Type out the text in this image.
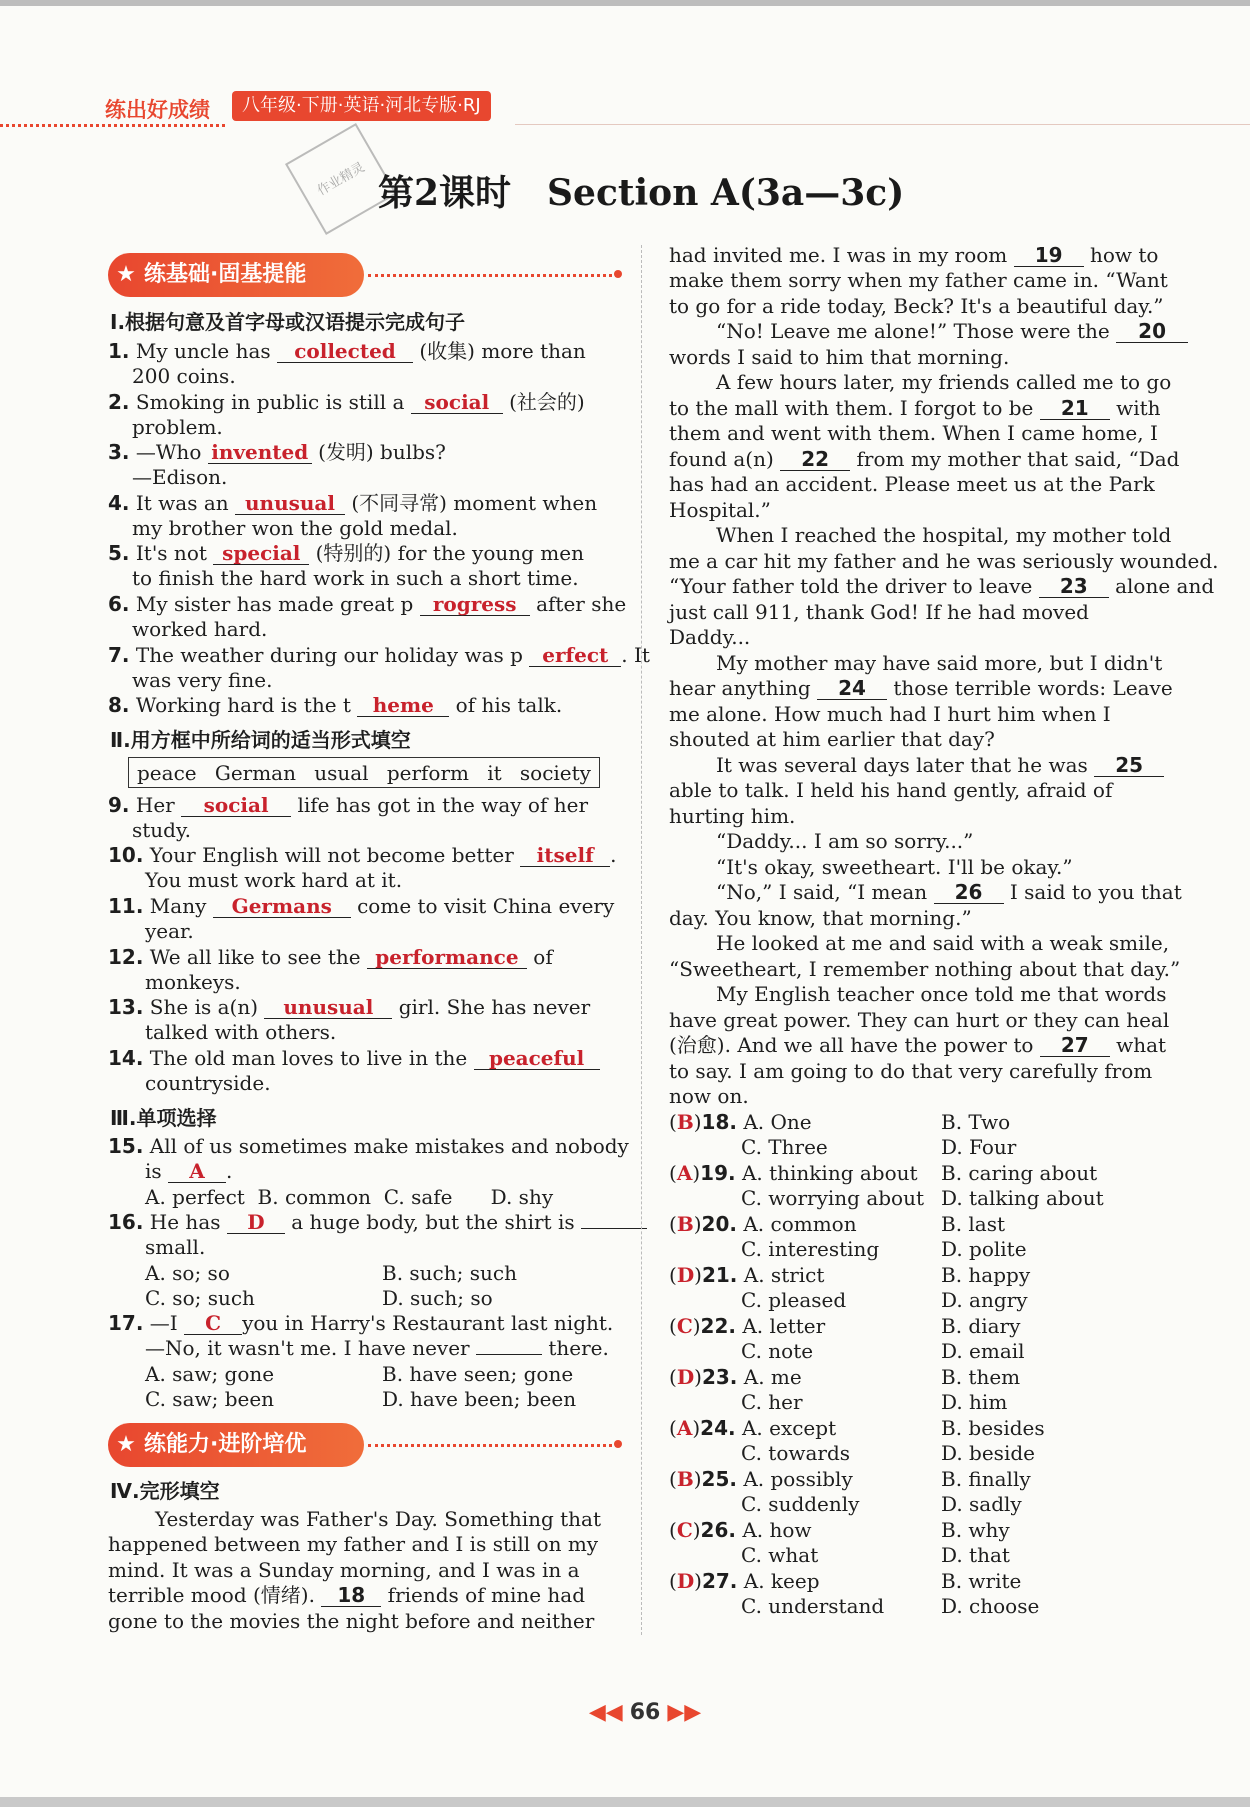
练出好成绩	八年级·下册·英语·河北专版·RJ
作业精灵 第2课时　Section A(3a—3c)
★ 练基础·固基提能
Ⅰ.根据句意及首字母或汉语提示完成句子
1. My uncle has collected (收集) more than
200 coins.
2. Smoking in public is still a social (社会的)
problem.
3. —Who invented (发明) bulbs?
—Edison.
4. It was an unusual (不同寻常) moment when
my brother won the gold medal.
5. It's not special (特别的) for the young men
to finish the hard work in such a short time.
6. My sister has made great p rogress after she
worked hard.
7. The weather during our holiday was p erfect . It
was very fine.
8. Working hard is the t heme of his talk.
Ⅱ.用方框中所给词的适当形式填空
peace German usual perform it society
9. Her social life has got in the way of her
study.
10. Your English will not become better itself .
You must work hard at it.
11. Many Germans come to visit China every
year.
12. We all like to see the performance of
monkeys.
13. She is a(n) unusual girl. She has never
talked with others.
14. The old man loves to live in the peaceful
countryside.
Ⅲ.单项选择
15. All of us sometimes make mistakes and nobody
is A .
A. perfect  B. common  C. safe      D. shy
16. He has D a huge body, but the shirt is
small.
A. so; so	B. such; such
C. so; such	D. such; so
17. —I C you in Harry's Restaurant last night.
—No, it wasn't me. I have never	there.
A. saw; gone	B. have seen; gone
C. saw; been	D. have been; been
★ 练能力·进阶培优
Ⅳ.完形填空
Yesterday was Father's Day. Something that
happened between my father and I is still on my
mind. It was a Sunday morning, and I was in a
terrible mood (情绪). 18 friends of mine had
gone to the movies the night before and neither
had invited me. I was in my room 19 how to
make them sorry when my father came in. “Want
to go for a ride today, Beck? It's a beautiful day.”
“No! Leave me alone!” Those were the 20
words I said to him that morning.
A few hours later, my friends called me to go
to the mall with them. I forgot to be 21 with
them and went with them. When I came home, I
found a(n) 22 from my mother that said, “Dad
has had an accident. Please meet us at the Park
Hospital.”
When I reached the hospital, my mother told
me a car hit my father and he was seriously wounded.
“Your father told the driver to leave 23 alone and
just call 911, thank God! If he had moved
Daddy...
My mother may have said more, but I didn't
hear anything 24 those terrible words: Leave
me alone. How much had I hurt him when I
shouted at him earlier that day?
It was several days later that he was 25
able to talk. I held his hand gently, afraid of
hurting him.
“Daddy... I am so sorry...”
“It's okay, sweetheart. I'll be okay.”
“No,” I said, “I mean 26 I said to you that
day. You know, that morning.”
He looked at me and said with a weak smile,
“Sweetheart, I remember nothing about that day.”
My English teacher once told me that words
have great power. They can hurt or they can heal
(治愈). And we all have the power to 27 what
to say. I am going to do that very carefully from
now on.
(B)18. A. One	B. Two
C. Three	D. Four
(A)19. A. thinking about B. caring about
C. worrying about D. talking about
(B)20. A. common	B. last
C. interesting	D. polite
(D)21. A. strict	B. happy
C. pleased	D. angry
(C)22. A. letter	B. diary
C. note	D. email
(D)23. A. me	B. them
C. her	D. him
(A)24. A. except	B. besides
C. towards	D. beside
(B)25. A. possibly	B. finally
C. suddenly	D. sadly
(C)26. A. how	B. why
C. what	D. that
(D)27. A. keep	B. write
C. understand	D. choose
◀◀ 66 ▶▶
